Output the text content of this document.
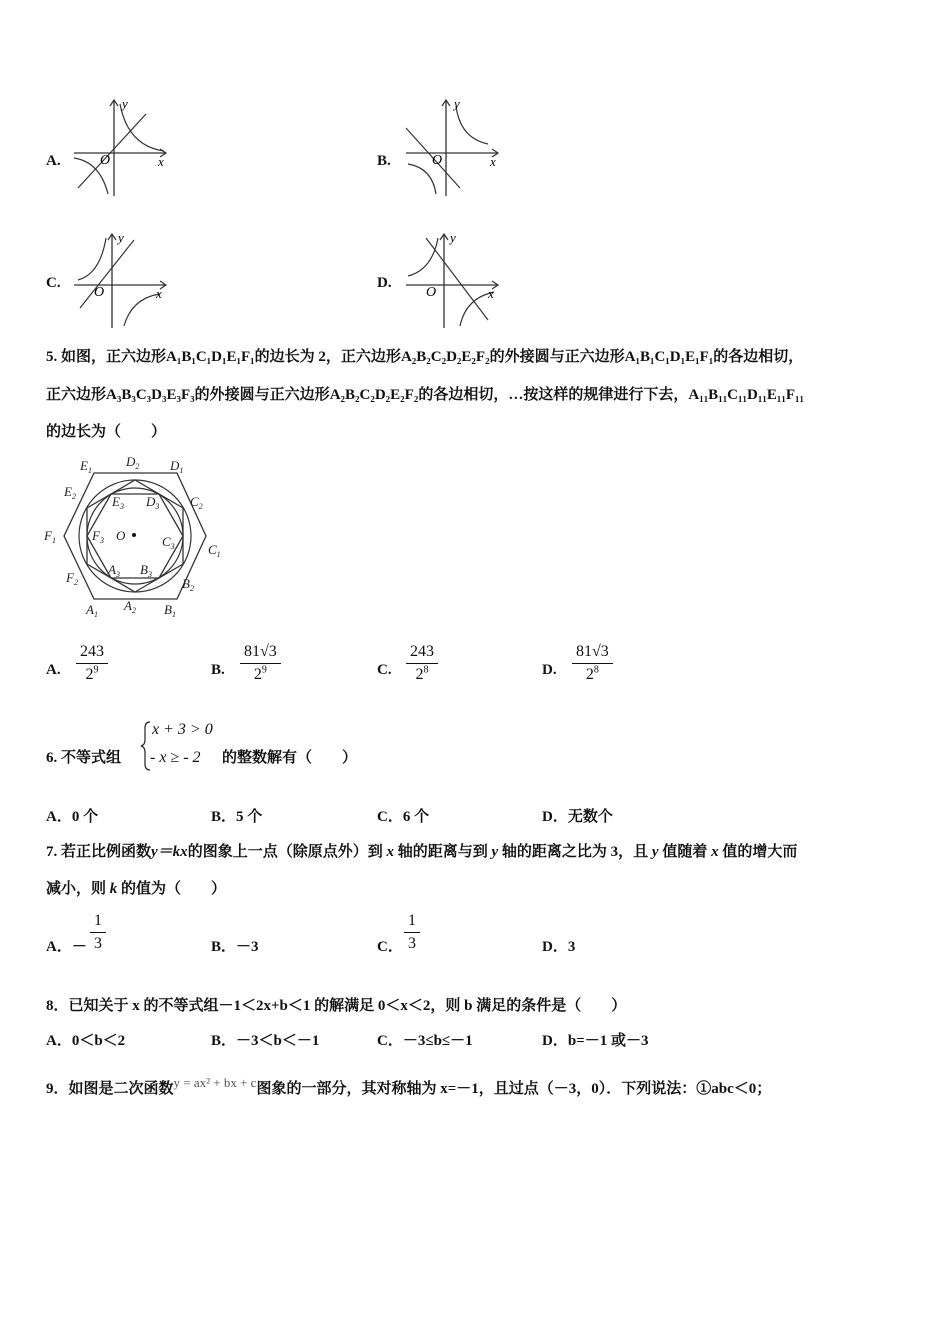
A.	x
y
O	B.	x
y
O
C.
x
y
O
D.
x
y
O
5. 如图，正六边形A₁B₁C₁D₁E₁F₁的边长为 2，正六边形A₂B₂C₂D₂E₂F₂的外接圆与正六边形A₁B₁C₁D₁E₁F₁的各边相切，
正六边形A₃B₃C₃D₃E₃F₃的外接圆与正六边形A₂B₂C₂D₂E₂F₂的各边相切，…按这样的规律进行下去，A₁₁B₁₁C₁₁D₁₁E₁₁F₁₁
的边长为（　　）
$E_1$
$D_2$ $D_1$
$E_2$	$E_3$ $D_3$ $C_2$
$F_1$	$F_3$ O	$C_3$	$C_1$
$F_2$
$A_3$ $B_3$
$B_2$
$A_1$
$A_2$ $B_1$
A. $\frac{243}{2^9}$	B. $\frac{81√3}{2^9}$	C. $\frac{243}{2^8}$	D. $\frac{81√3}{2^8}$
6. 不等式组
x + 3 > 0
- x ≥ - 2 的整数解有（　　）
A．0 个	B．5 个	C．6 个	D．无数个
7. 若正比例函数y＝kx的图象上一点（除原点外）到 x 轴的距离与到 y 轴的距离之比为 3，且 y 值随着 x 值的增大而
减小，则 k 的值为（　　）
A．－ $\frac{1}{3}$	B．－3	C． $\frac{1}{3}$	D．3
8．已知关于 x 的不等式组－1＜2x+b＜1 的解满足 0＜x＜2，则 b 满足的条件是（　　）
A．0＜b＜2	B．－3＜b＜－1	C．－3≤b≤－1	D．b=－1 或－3
9．如图是二次函数y = ax² + bx + c图象的一部分，其对称轴为 x=－1，且过点（－3，0）．下列说法：①abc＜0；
